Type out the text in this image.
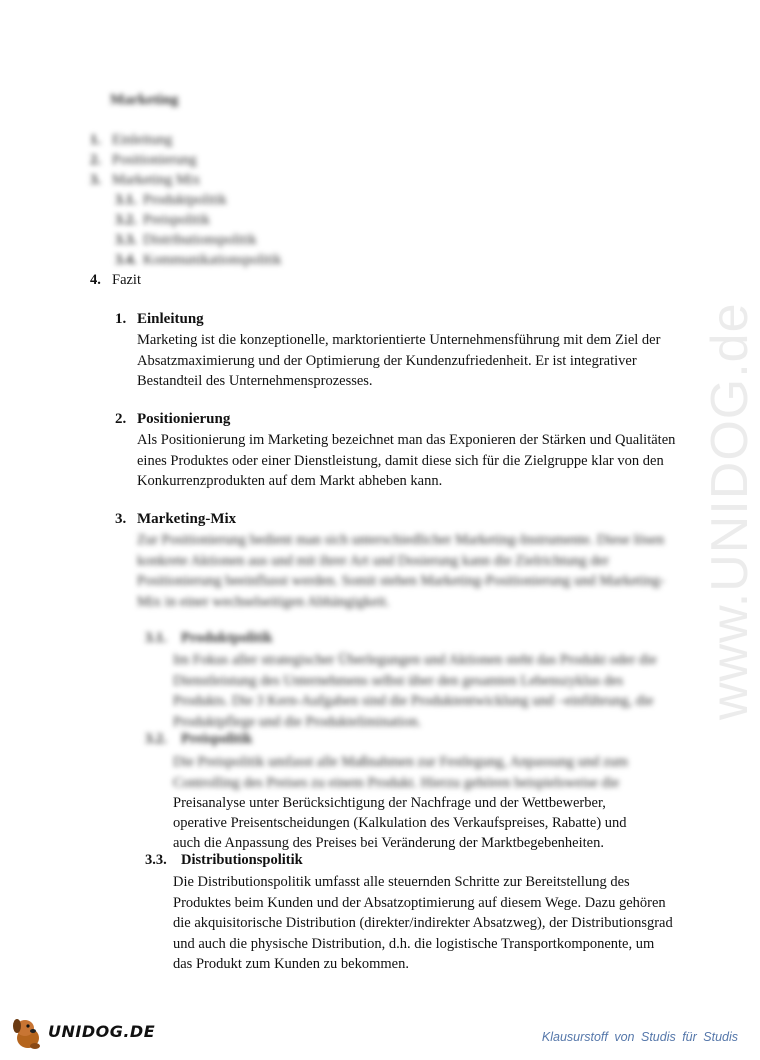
www.UNIDOG.de
Marketing
1. Einleitung
2. Positionierung
3. Marketing Mix
3.1. Produktpolitik
3.2. Preispolitik
3.3. Distributionspolitik
3.4. Kommunikationspolitik
4. Fazit
1. Einleitung
Marketing ist die konzeptionelle, marktorientierte Unternehmensführung mit dem Ziel der Absatzmaximierung und der Optimierung der Kundenzufriedenheit. Er ist integrativer Bestandteil des Unternehmensprozesses.
2. Positionierung
Als Positionierung im Marketing bezeichnet man das Exponieren der Stärken und Qualitäten eines Produktes oder einer Dienstleistung, damit diese sich für die Zielgruppe klar von den Konkurrenzprodukten auf dem Markt abheben kann.
3. Marketing-Mix
Zur Positionierung bedient man sich unterschiedlicher Marketing-Instrumente. Diese lösen konkrete Aktionen aus und mit ihrer Art und Dosierung kann die Zielrichtung der Positionierung beeinflusst werden. Somit stehen Marketing-Positionierung und Marketing-Mix in einer wechselseitigen Abhängigkeit.
3.1. Produktpolitik
Im Fokus aller strategischer Überlegungen und Aktionen steht das Produkt oder die Dienstleistung des Unternehmens selbst über den gesamten Lebenszyklus des Produkts. Die 3 Kern-Aufgaben sind die Produktentwicklung und –einführung, die Produktpflege und die Produktelimination.
3.2. Preispolitik
Die Preispolitik umfasst alle Maßnahmen zur Festlegung, Anpassung und zum Controlling des Preises zu einem Produkt. Hierzu gehören beispielsweise die
Preisanalyse unter Berücksichtigung der Nachfrage und der Wettbewerber,
operative Preisentscheidungen (Kalkulation des Verkaufspreises, Rabatte) und
auch die Anpassung des Preises bei Veränderung der Marktbegebenheiten.
3.3. Distributionspolitik
Die Distributionspolitik umfasst alle steuernden Schritte zur Bereitstellung des Produktes beim Kunden und der Absatzoptimierung auf diesem Wege. Dazu gehören die akquisitorische Distribution (direkter/indirekter Absatzweg), der Distributionsgrad und auch die physische Distribution, d.h. die logistische Transportkomponente, um das Produkt zum Kunden zu bekommen.
UNIDOG.DE	Klausurstoff von Studis für Studis
